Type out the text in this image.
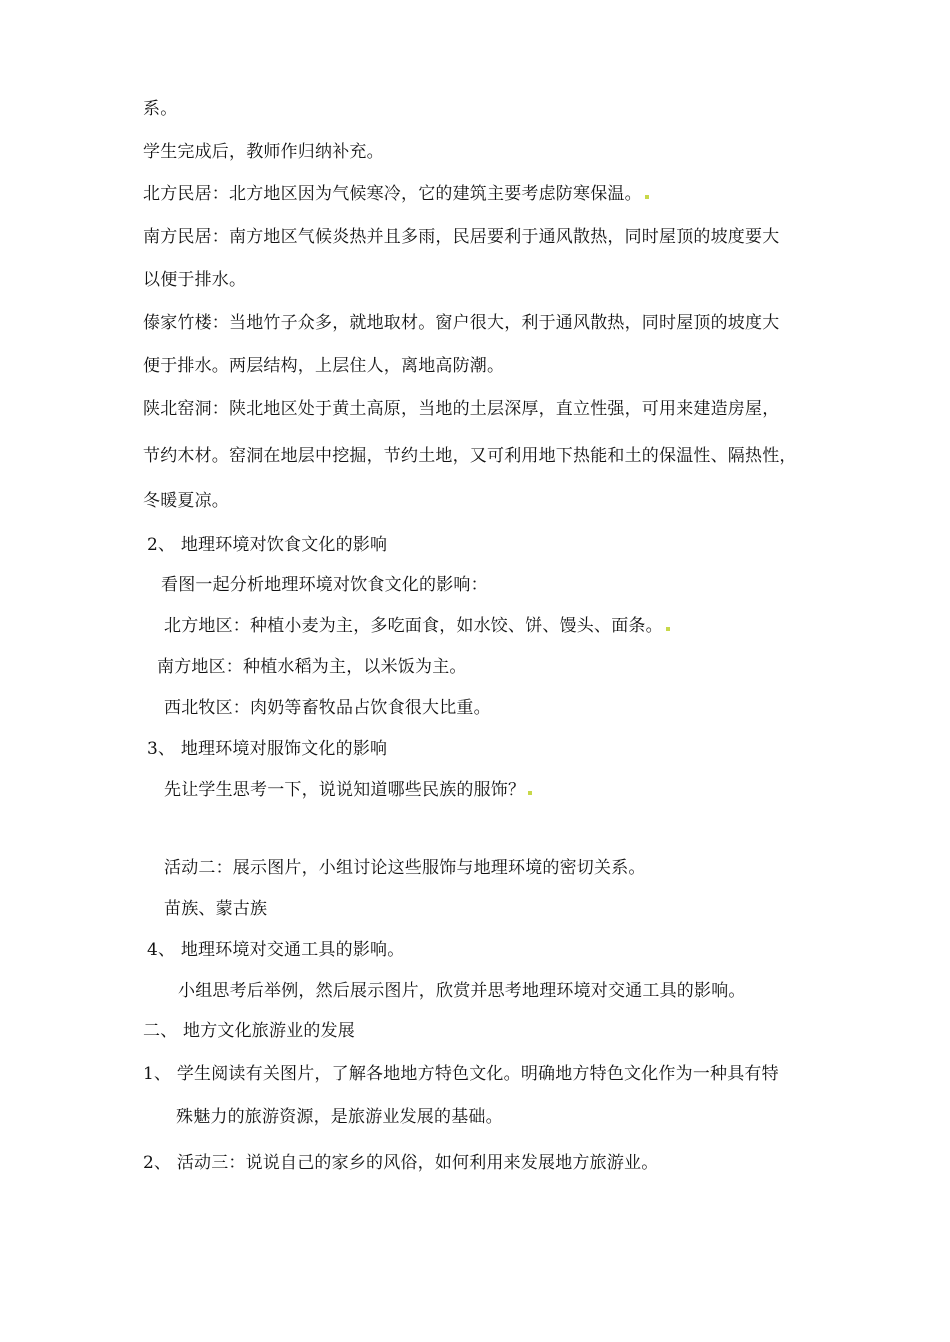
系。
学生完成后，教师作归纳补充。
北方民居：北方地区因为气候寒冷，它的建筑主要考虑防寒保温。
南方民居：南方地区气候炎热并且多雨，民居要利于通风散热，同时屋顶的坡度要大
以便于排水。
傣家竹楼：当地竹子众多，就地取材。窗户很大，利于通风散热，同时屋顶的坡度大
便于排水。两层结构，上层住人，离地高防潮。
陕北窑洞：陕北地区处于黄土高原，当地的土层深厚，直立性强，可用来建造房屋，
节约木材。窑洞在地层中挖掘，节约土地，又可利用地下热能和土的保温性、隔热性，
冬暖夏凉。
2、 地理环境对饮食文化的影响
看图一起分析地理环境对饮食文化的影响：
北方地区：种植小麦为主，多吃面食，如水饺、饼、馒头、面条。
南方地区：种植水稻为主，以米饭为主。
西北牧区：肉奶等畜牧品占饮食很大比重。
3、 地理环境对服饰文化的影响
先让学生思考一下，说说知道哪些民族的服饰？
活动二：展示图片，小组讨论这些服饰与地理环境的密切关系。
苗族、蒙古族
4、 地理环境对交通工具的影响。
小组思考后举例，然后展示图片，欣赏并思考地理环境对交通工具的影响。
二、 地方文化旅游业的发展
1、 学生阅读有关图片，了解各地地方特色文化。明确地方特色文化作为一种具有特
殊魅力的旅游资源，是旅游业发展的基础。
2、 活动三：说说自己的家乡的风俗，如何利用来发展地方旅游业。
